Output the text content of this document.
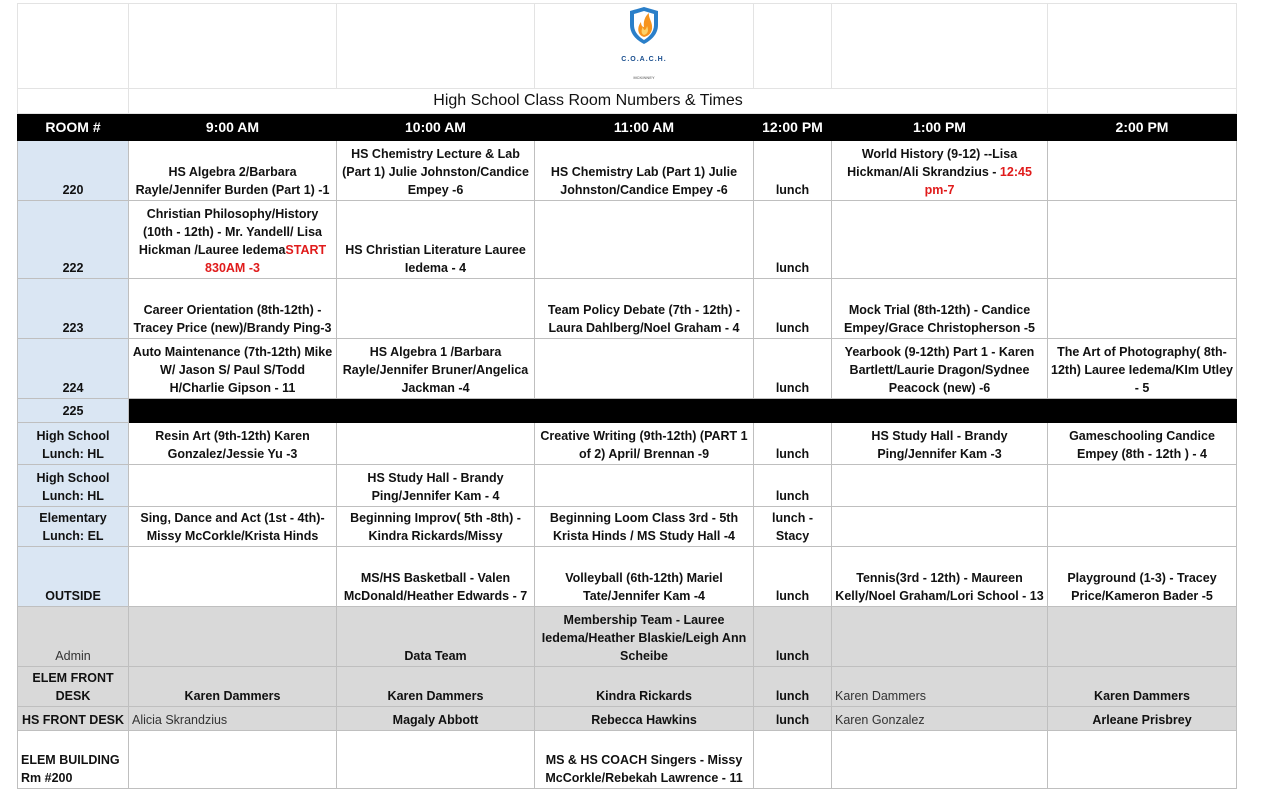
			C.O.A.C.H.
MCKINNEY			

	High School Class Room Numbers & Times					
ROOM #	9:00 AM	10:00 AM	11:00 AM	12:00 PM	1:00 PM	2:00 PM
220	HS Algebra 2/Barbara Rayle/Jennifer Burden (Part 1) -1	HS Chemistry Lecture & Lab (Part 1) Julie Johnston/Candice Empey -6	HS Chemistry Lab (Part 1) Julie Johnston/Candice Empey -6	lunch	World History (9-12) --Lisa Hickman/Ali Skrandzius - 12:45 pm-7	
222	Christian Philosophy/History (10th - 12th) - Mr. Yandell/ Lisa Hickman /Lauree IedemaSTART 830AM -3	HS Christian Literature Lauree Iedema - 4		lunch		
223	Career Orientation (8th-12th) - Tracey Price (new)/Brandy Ping-3		Team Policy Debate (7th - 12th) - Laura Dahlberg/Noel Graham - 4	lunch	Mock Trial (8th-12th) - Candice Empey/Grace Christopherson -5	
224	Auto Maintenance (7th-12th) Mike W/ Jason S/ Paul S/Todd H/Charlie Gipson - 11	HS Algebra 1 /Barbara Rayle/Jennifer Bruner/Angelica Jackman -4		lunch	Yearbook (9-12th) Part 1 - Karen Bartlett/Laurie Dragon/Sydnee Peacock (new) -6	The Art of Photography( 8th-12th) Lauree Iedema/KIm Utley - 5
225						
High School Lunch: HL	Resin Art (9th-12th) Karen Gonzalez/Jessie Yu -3		Creative Writing (9th-12th) (PART 1 of 2) April/ Brennan -9	lunch	HS Study Hall - Brandy Ping/Jennifer Kam -3	Gameschooling Candice Empey (8th - 12th ) - 4
High School Lunch: HL		HS Study Hall - Brandy Ping/Jennifer Kam - 4		lunch		
Elementary Lunch: EL	Sing, Dance and Act (1st - 4th)- Missy McCorkle/Krista Hinds	Beginning Improv( 5th -8th) - Kindra Rickards/Missy	Beginning Loom Class 3rd - 5th Krista Hinds / MS Study Hall -4	lunch - Stacy		
OUTSIDE		MS/HS Basketball - Valen McDonald/Heather Edwards - 7	Volleyball (6th-12th) Mariel Tate/Jennifer Kam -4	lunch	Tennis(3rd - 12th) - Maureen Kelly/Noel Graham/Lori School - 13	Playground (1-3) - Tracey Price/Kameron Bader -5
Admin		Data Team	Membership Team - Lauree Iedema/Heather Blaskie/Leigh Ann Scheibe	lunch		
ELEM FRONT DESK	Karen Dammers	Karen Dammers	Kindra Rickards	lunch	Karen Dammers	Karen Dammers
HS FRONT DESK	Alicia Skrandzius	Magaly Abbott	Rebecca Hawkins	lunch	Karen Gonzalez	Arleane Prisbrey
ELEM BUILDING Rm #200			MS & HS COACH Singers - Missy McCorkle/Rebekah Lawrence - 11			
